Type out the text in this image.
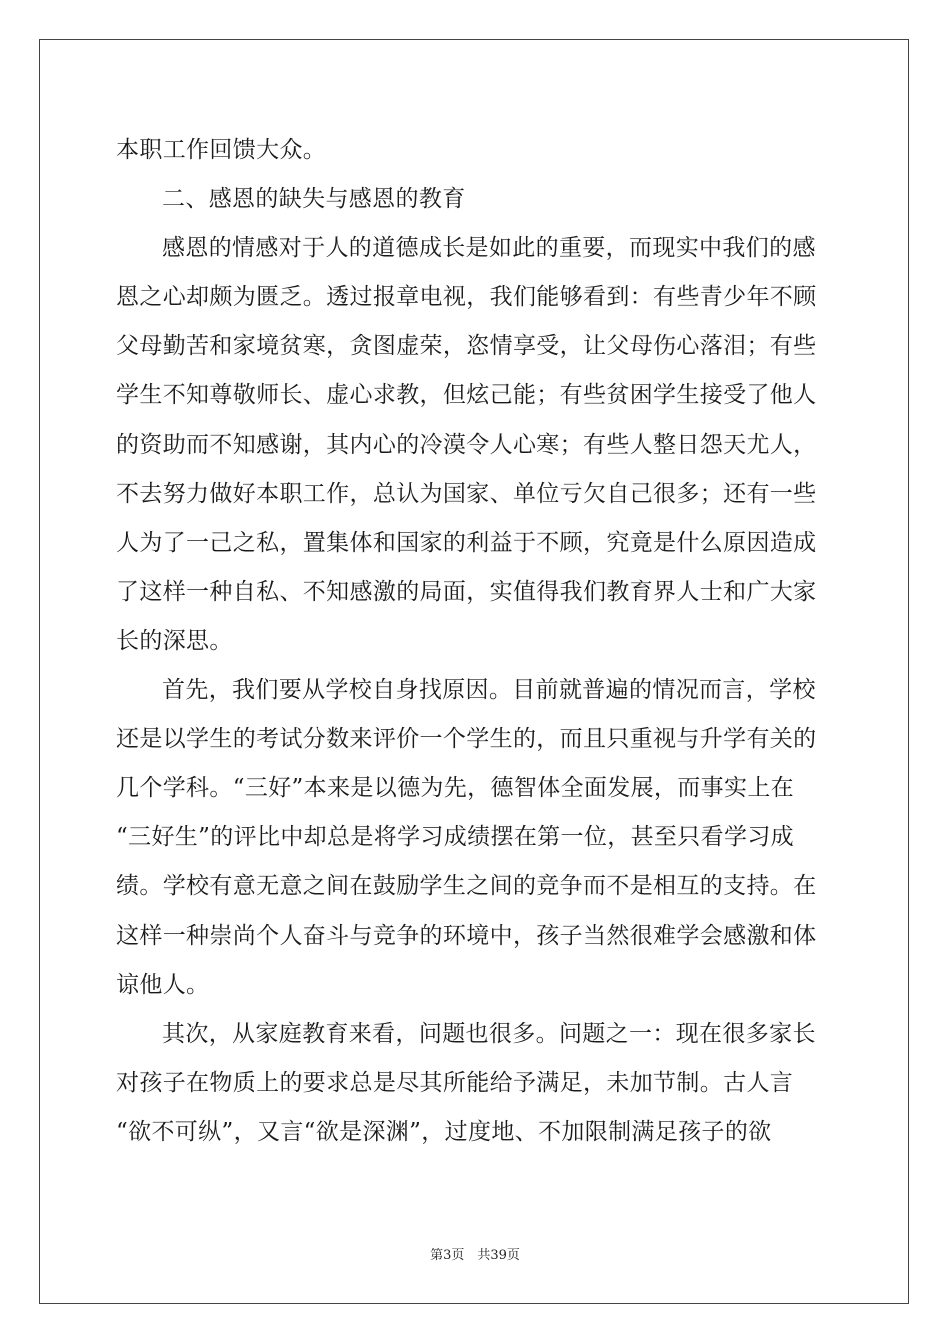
本职工作回馈大众。
二、感恩的缺失与感恩的教育
感恩的情感对于人的道德成长是如此的重要，而现实中我们的感
恩之心却颇为匮乏。透过报章电视，我们能够看到：有些青少年不顾
父母勤苦和家境贫寒，贪图虚荣，恣情享受，让父母伤心落泪；有些
学生不知尊敬师长、虚心求教，但炫己能；有些贫困学生接受了他人
的资助而不知感谢，其内心的冷漠令人心寒；有些人整日怨天尤人，
不去努力做好本职工作，总认为国家、单位亏欠自己很多；还有一些
人为了一己之私，置集体和国家的利益于不顾，究竟是什么原因造成
了这样一种自私、不知感激的局面，实值得我们教育界人士和广大家
长的深思。
首先，我们要从学校自身找原因。目前就普遍的情况而言，学校
还是以学生的考试分数来评价一个学生的，而且只重视与升学有关的
几个学科。“三好”本来是以德为先，德智体全面发展，而事实上在
“三好生”的评比中却总是将学习成绩摆在第一位，甚至只看学习成
绩。学校有意无意之间在鼓励学生之间的竞争而不是相互的支持。在
这样一种崇尚个人奋斗与竞争的环境中，孩子当然很难学会感激和体
谅他人。
其次，从家庭教育来看，问题也很多。问题之一：现在很多家长
对孩子在物质上的要求总是尽其所能给予满足，未加节制。古人言
“欲不可纵”，又言“欲是深渊”，过度地、不加限制满足孩子的欲
第3页　共39页
